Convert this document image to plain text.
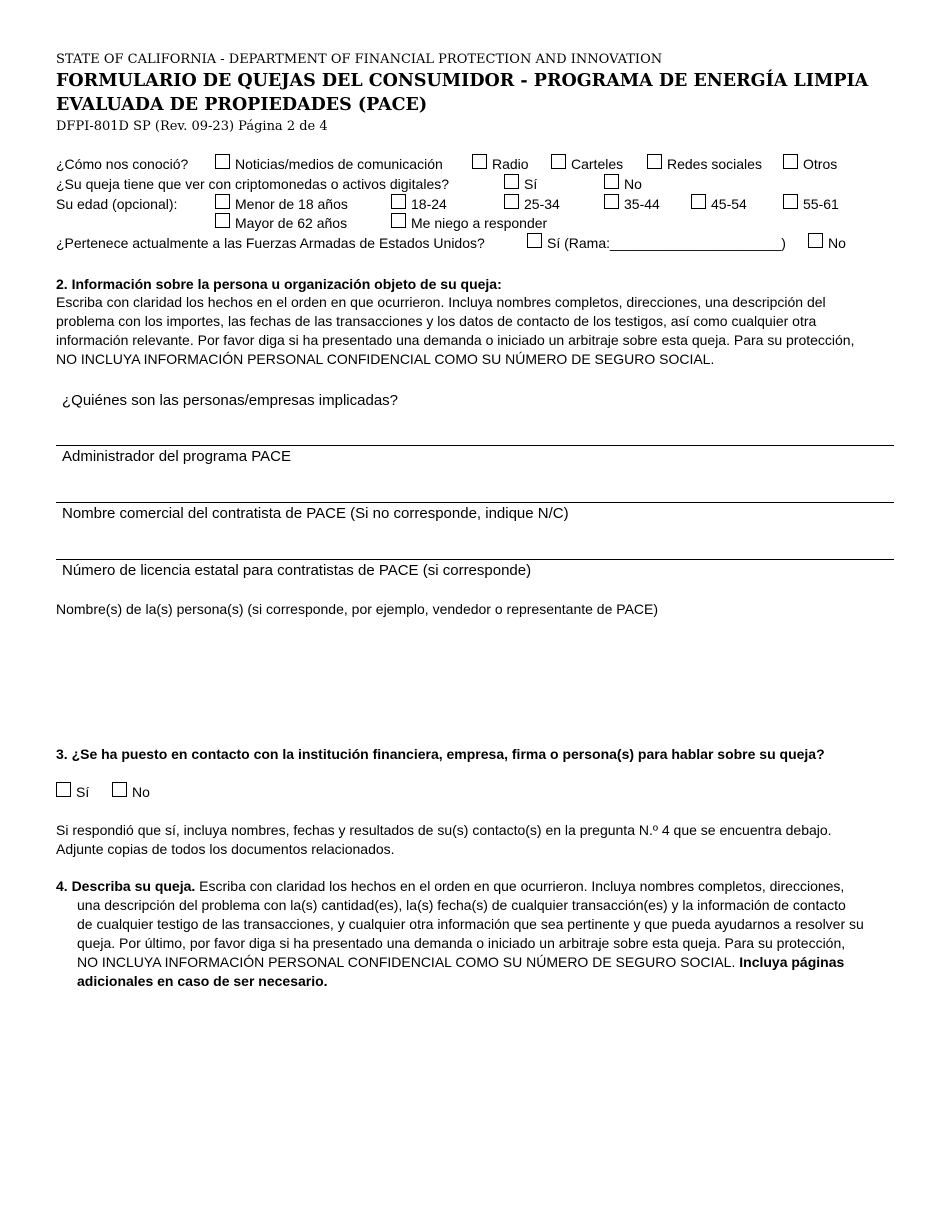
STATE OF CALIFORNIA - DEPARTMENT OF FINANCIAL PROTECTION AND INNOVATION
FORMULARIO DE QUEJAS DEL CONSUMIDOR - PROGRAMA DE ENERGÍA LIMPIA
EVALUADA DE PROPIEDADES (PACE)
DFPI-801D SP (Rev. 09-23) Página 2 de 4
¿Cómo nos conoció?	Noticias/medios de comunicación	Radio	Carteles	Redes sociales	Otros
¿Su queja tiene que ver con criptomonedas o activos digitales?	Sí	No
Su edad (opcional):	Menor de 18 años	18-24	25-34	35-44	45-54	55-61
Mayor de 62 años	Me niego a responder
¿Pertenece actualmente a las Fuerzas Armadas de Estados Unidos?	Sí (Rama:______________________)	No
2. Información sobre la persona u organización objeto de su queja:
Escriba con claridad los hechos en el orden en que ocurrieron. Incluya nombres completos, direcciones, una descripción del
problema con los importes, las fechas de las transacciones y los datos de contacto de los testigos, así como cualquier otra
información relevante. Por favor diga si ha presentado una demanda o iniciado un arbitraje sobre esta queja. Para su protección,
NO INCLUYA INFORMACIÓN PERSONAL CONFIDENCIAL COMO SU NÚMERO DE SEGURO SOCIAL.
¿Quiénes son las personas/empresas implicadas?
Administrador del programa PACE
Nombre comercial del contratista de PACE (Si no corresponde, indique N/C)
Número de licencia estatal para contratistas de PACE (si corresponde)
Nombre(s) de la(s) persona(s) (si corresponde, por ejemplo, vendedor o representante de PACE)
3. ¿Se ha puesto en contacto con la institución financiera, empresa, firma o persona(s) para hablar sobre su queja?
Sí	No
Si respondió que sí, incluya nombres, fechas y resultados de su(s) contacto(s) en la pregunta N.º 4 que se encuentra debajo.
Adjunte copias de todos los documentos relacionados.
4. Describa su queja. Escriba con claridad los hechos en el orden en que ocurrieron. Incluya nombres completos, direcciones,
una descripción del problema con la(s) cantidad(es), la(s) fecha(s) de cualquier transacción(es) y la información de contacto
de cualquier testigo de las transacciones, y cualquier otra información que sea pertinente y que pueda ayudarnos a resolver su
queja. Por último, por favor diga si ha presentado una demanda o iniciado un arbitraje sobre esta queja. Para su protección,
NO INCLUYA INFORMACIÓN PERSONAL CONFIDENCIAL COMO SU NÚMERO DE SEGURO SOCIAL. Incluya páginas
adicionales en caso de ser necesario.
